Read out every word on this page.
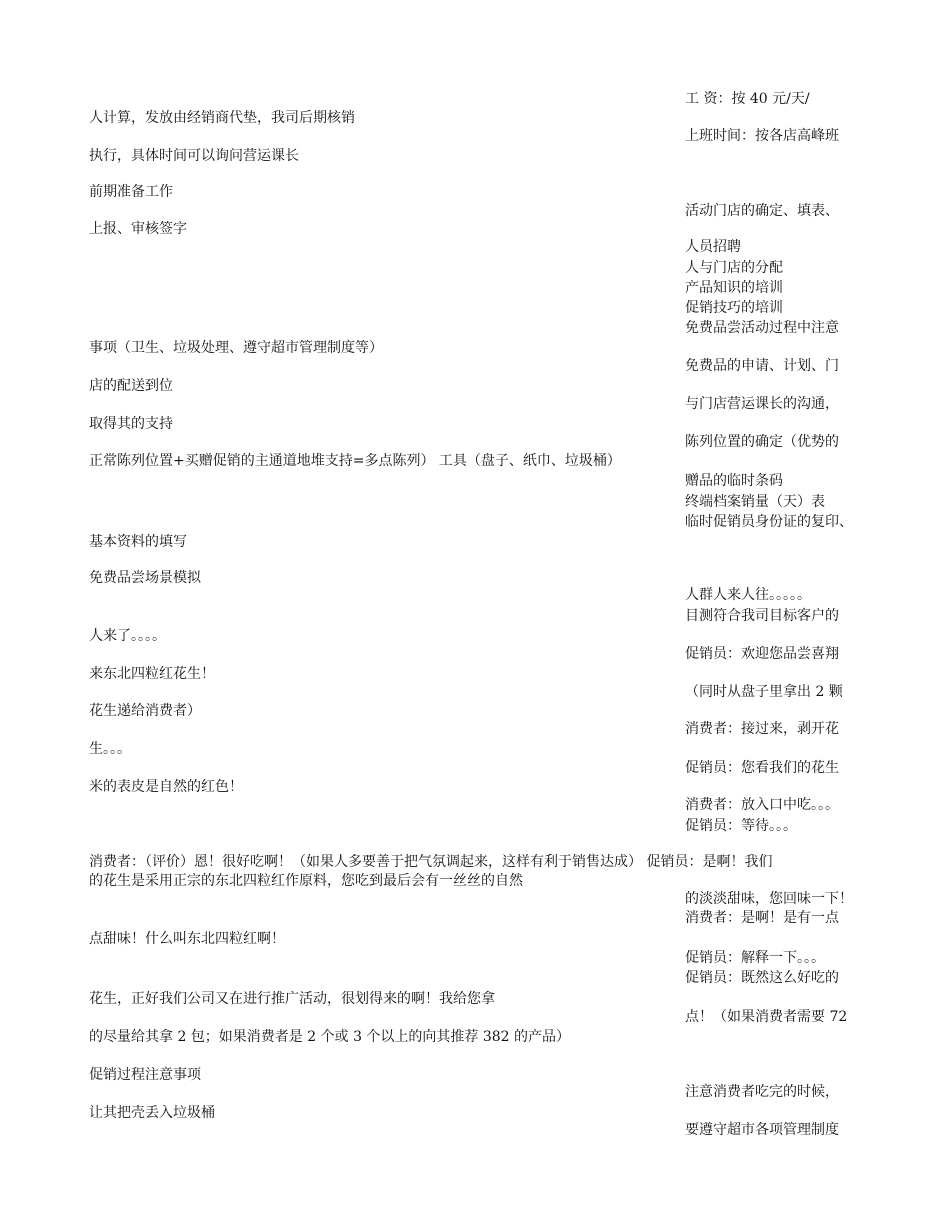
人计算，发放由经销商代垫，我司后期核销
执行，具体时间可以询问营运课长
前期准备工作
上报、审核签字
事项（卫生、垃圾处理、遵守超市管理制度等）
店的配送到位
取得其的支持
正常陈列位置+买赠促销的主通道地堆支持=多点陈列） 工具（盘子、纸巾、垃圾桶）
基本资料的填写
免费品尝场景模拟
人来了。。。。
来东北四粒红花生！
花生递给消费者）
生。。。
米的表皮是自然的红色！
消费者：（评价）恩！很好吃啊！（如果人多要善于把气氛调起来，这样有利于销售达成） 促销员：是啊！我们
的花生是采用正宗的东北四粒红作原料，您吃到最后会有一丝丝的自然
点甜味！什么叫东北四粒红啊！
花生，正好我们公司又在进行推广活动，很划得来的啊！我给您拿
的尽量给其拿 2 包；如果消费者是 2 个或 3 个以上的向其推荐 382 的产品）
促销过程注意事项
让其把壳丢入垃圾桶
工 资：按 40 元/天/
上班时间：按各店高峰班
活动门店的确定、填表、
人员招聘
人与门店的分配
产品知识的培训
促销技巧的培训
免费品尝活动过程中注意
免费品的申请、计划、门
与门店营运课长的沟通，
陈列位置的确定（优势的
赠品的临时条码
终端档案销量（天）表
临时促销员身份证的复印、
人群人来人往。。。。。
目测符合我司目标客户的
促销员：欢迎您品尝喜翔
（同时从盘子里拿出 2 颗
消费者：接过来，剥开花
促销员：您看我们的花生
消费者：放入口中吃。。。
促销员：等待。。。
的淡淡甜味，您回味一下！
消费者：是啊！是有一点
促销员：解释一下。。。
促销员：既然这么好吃的
点！（如果消费者需要 72
注意消费者吃完的时候，
要遵守超市各项管理制度
